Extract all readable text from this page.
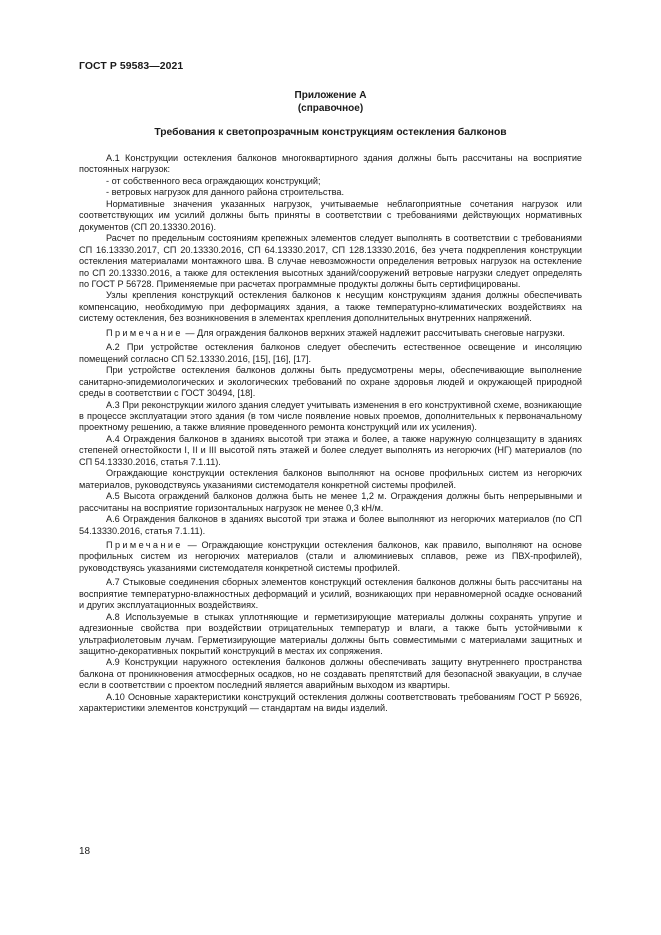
ГОСТ Р 59583—2021
Приложение А
(справочное)
Требования к светопрозрачным конструкциям остекления балконов

А.1 Конструкции остекления балконов многоквартирного здания должны быть рассчитаны на восприятие постоянных нагрузок:

- от собственного веса ограждающих конструкций;

- ветровых нагрузок для данного района строительства.

Нормативные значения указанных нагрузок, учитываемые неблагоприятные сочетания нагрузок или соответствующих им усилий должны быть приняты в соответствии с требованиями действующих нормативных документов (СП 20.13330.2016).

Расчет по предельным состояниям крепежных элементов следует выполнять в соответствии с требованиями СП 16.13330.2017, СП 20.13330.2016, СП 64.13330.2017, СП 128.13330.2016, без учета подкрепления конструкции остекления материалами монтажного шва. В случае невозможности определения ветровых нагрузок на остекление по СП 20.13330.2016, а также для остекления высотных зданий/сооружений ветровые нагрузки следует определять по ГОСТ Р 56728. Применяемые при расчетах программные продукты должны быть сертифицированы.

Узлы крепления конструкций остекления балконов к несущим конструкциям здания должны обеспечивать компенсацию, необходимую при деформациях здания, а также температурно-климатических воздействиях на систему остекления, без возникновения в элементах крепления дополнительных внутренних напряжений.

Примечание — Для ограждения балконов верхних этажей надлежит рассчитывать снеговые нагрузки.

А.2 При устройстве остекления балконов следует обеспечить естественное освещение и инсоляцию помещений согласно СП 52.13330.2016, [15], [16], [17].

При устройстве остекления балконов должны быть предусмотрены меры, обеспечивающие выполнение санитарно-эпидемиологических и экологических требований по охране здоровья людей и окружающей природной среды в соответствии с ГОСТ 30494, [18].

А.3 При реконструкции жилого здания следует учитывать изменения в его конструктивной схеме, возникающие в процессе эксплуатации этого здания (в том числе появление новых проемов, дополнительных к первоначальному проектному решению, а также влияние проведенного ремонта конструкций или их усиления).

А.4 Ограждения балконов в зданиях высотой три этажа и более, а также наружную солнцезащиту в зданиях степеней огнестойкости I, II и III высотой пять этажей и более следует выполнять из негорючих (НГ) материалов (по СП 54.13330.2016, статья 7.1.11).

Ограждающие конструкции остекления балконов выполняют на основе профильных систем из негорючих материалов, руководствуясь указаниями системодателя конкретной системы профилей.

А.5 Высота ограждений балконов должна быть не менее 1,2 м. Ограждения должны быть непрерывными и рассчитаны на восприятие горизонтальных нагрузок не менее 0,3 кН/м.

А.6 Ограждения балконов в зданиях высотой три этажа и более выполняют из негорючих материалов (по СП 54.13330.2016, статья 7.1.11).

Примечание — Ограждающие конструкции остекления балконов, как правило, выполняют на основе профильных систем из негорючих материалов (стали и алюминиевых сплавов, реже из ПВХ-профилей), руководствуясь указаниями системодателя конкретной системы профилей.

А.7 Стыковые соединения сборных элементов конструкций остекления балконов должны быть рассчитаны на восприятие температурно-влажностных деформаций и усилий, возникающих при неравномерной осадке оснований и других эксплуатационных воздействиях.

А.8 Используемые в стыках уплотняющие и герметизирующие материалы должны сохранять упругие и адгезионные свойства при воздействии отрицательных температур и влаги, а также быть устойчивыми к ультрафиолетовым лучам. Герметизирующие материалы должны быть совместимыми с материалами защитных и защитно-декоративных покрытий конструкций в местах их сопряжения.

А.9 Конструкции наружного остекления балконов должны обеспечивать защиту внутреннего пространства балкона от проникновения атмосферных осадков, но не создавать препятствий для безопасной эвакуации, в случае если в соответствии с проектом последний является аварийным выходом из квартиры.

А.10 Основные характеристики конструкций остекления должны соответствовать требованиям ГОСТ Р 56926, характеристики элементов конструкций — стандартам на виды изделий.

18
